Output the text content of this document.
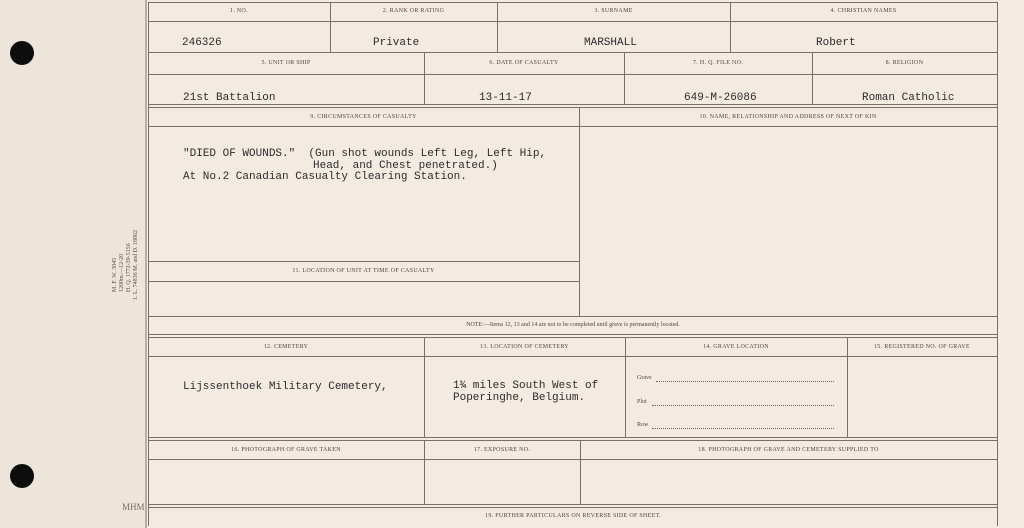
M. F. W. 3045 1200m.—12-20 H. Q. 1772-39-5156 1. L. 74836 M. and D. 18862
MHM
1. NO.	2. RANK OR RATING	3. SURNAME	4. CHRISTIAN NAMES
246326	Private	MARSHALL	Robert
5. UNIT OR SHIP	6. DATE OF CASUALTY	7. H. Q. FILE NO.	8. RELIGION
21st Battalion	13-11-17	649-M-26086	Roman Catholic
9. CIRCUMSTANCES OF CASUALTY	10. NAME, RELATIONSHIP AND ADDRESS OF NEXT OF KIN
"DIED OF WOUNDS."  (Gun shot wounds Left Leg, Left Hip,
Head, and Chest penetrated.)
At No.2 Canadian Casualty Clearing Station.
11. LOCATION OF UNIT AT TIME OF CASUALTY
NOTE:—Items 12, 13 and 14 are not to be completed until grave is permanently located.
12. CEMETERY	13. LOCATION OF CEMETERY	14. GRAVE LOCATION	15. REGISTERED NO. OF GRAVE
Lijssenthoek Military Cemetery,	1¾ miles South West of
Poperinghe, Belgium.
Grave
Plot
Row
16. PHOTOGRAPH OF GRAVE TAKEN	17. EXPOSURE NO.	18. PHOTOGRAPH OF GRAVE AND CEMETERY SUPPLIED TO
19. FURTHER PARTICULARS ON REVERSE SIDE OF SHEET.
